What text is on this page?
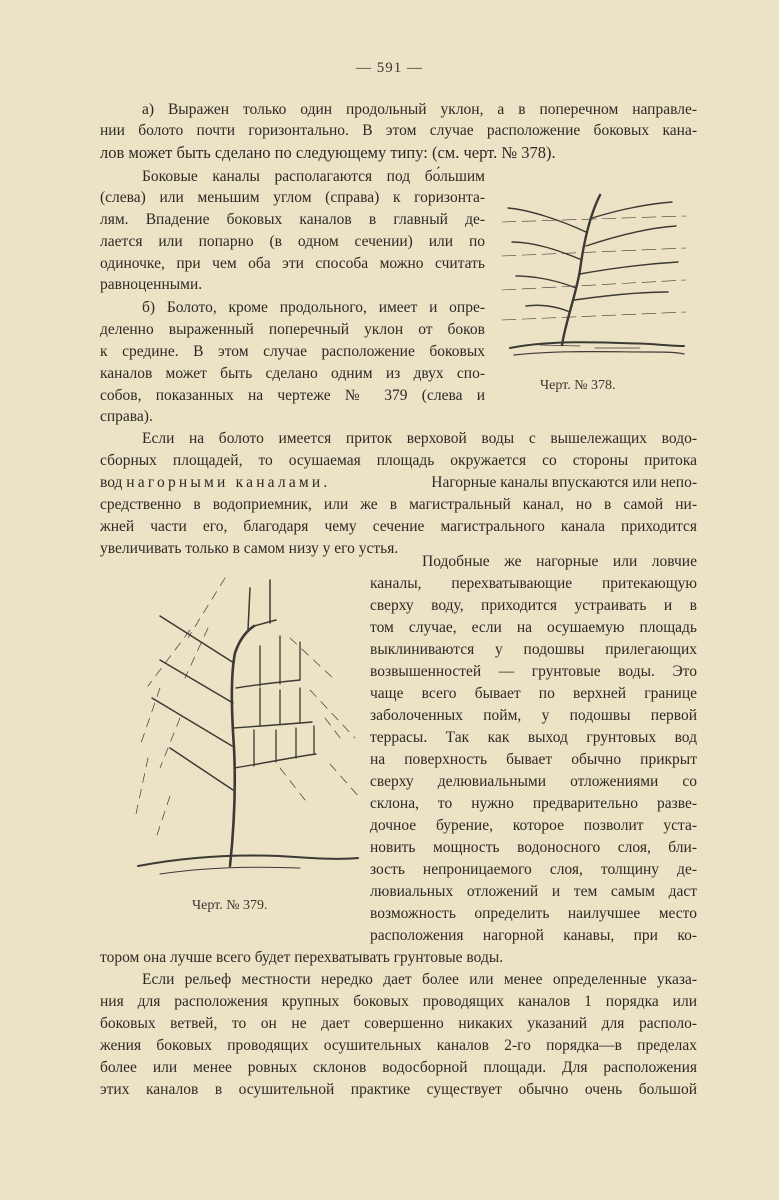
— 591 —
а) Выражен только один продольный уклон, а в поперечном направле-
нии болото почти горизонтально. В этом случае расположение боковых кана-
лов может быть сделано по следующему типу: (см. черт. № 378).
Боковые каналы располагаются под бо́льшим
(слева) или меньшим углом (справа) к горизонта-
лям. Впадение боковых каналов в главный де-
лается или попарно (в одном сечении) или по
одиночке, при чем оба эти способа можно считать
равноценными.
б) Болото, кроме продольного, имеет и опре-
деленно выраженный поперечный уклон от боков
к средине. В этом случае расположение боковых
каналов может быть сделано одним из двух спо-
собов, показанных на чертеже № 379 (слева и
справа).
Черт. № 378.
Если на болото имеется приток верховой воды с вышележащих водо-
сборных площадей, то осушаемая площадь окружается со стороны притока
вод нагорными каналами.	Нагорные каналы впускаются или непо-
средственно в водоприемник, или же в магистральный канал, но в самой ни-
жней части его, благодаря чему сечение магистрального канала приходится
увеличивать только в самом низу у его устья.
Черт. № 379.
Подобные же нагорные или ловчие
каналы, перехватывающие притекающую
сверху воду, приходится устраивать и в
том случае, если на осушаемую площадь
выклиниваются у подошвы прилегающих
возвышенностей — грунтовые воды. Это
чаще всего бывает по верхней границе
заболоченных пойм, у подошвы первой
террасы. Так как выход грунтовых вод
на поверхность бывает обычно прикрыт
сверху делювиальными отложениями со
склона, то нужно предварительно разве-
дочное бурение, которое позволит уста-
новить мощность водоносного слоя, бли-
зость непроницаемого слоя, толщину де-
лювиальных отложений и тем самым даст
возможность определить наилучшее место
расположения нагорной канавы, при ко-
тором она лучше всего будет перехватывать грунтовые воды.
Если рельеф местности нередко дает более или менее определенные указа-
ния для расположения крупных боковых проводящих каналов 1 порядка или
боковых ветвей, то он не дает совершенно никаких указаний для располо-
жения боковых проводящих осушительных каналов 2-го порядка—в пределах
более или менее ровных склонов водосборной площади. Для расположения
этих каналов в осушительной практике существует обычно очень большой
